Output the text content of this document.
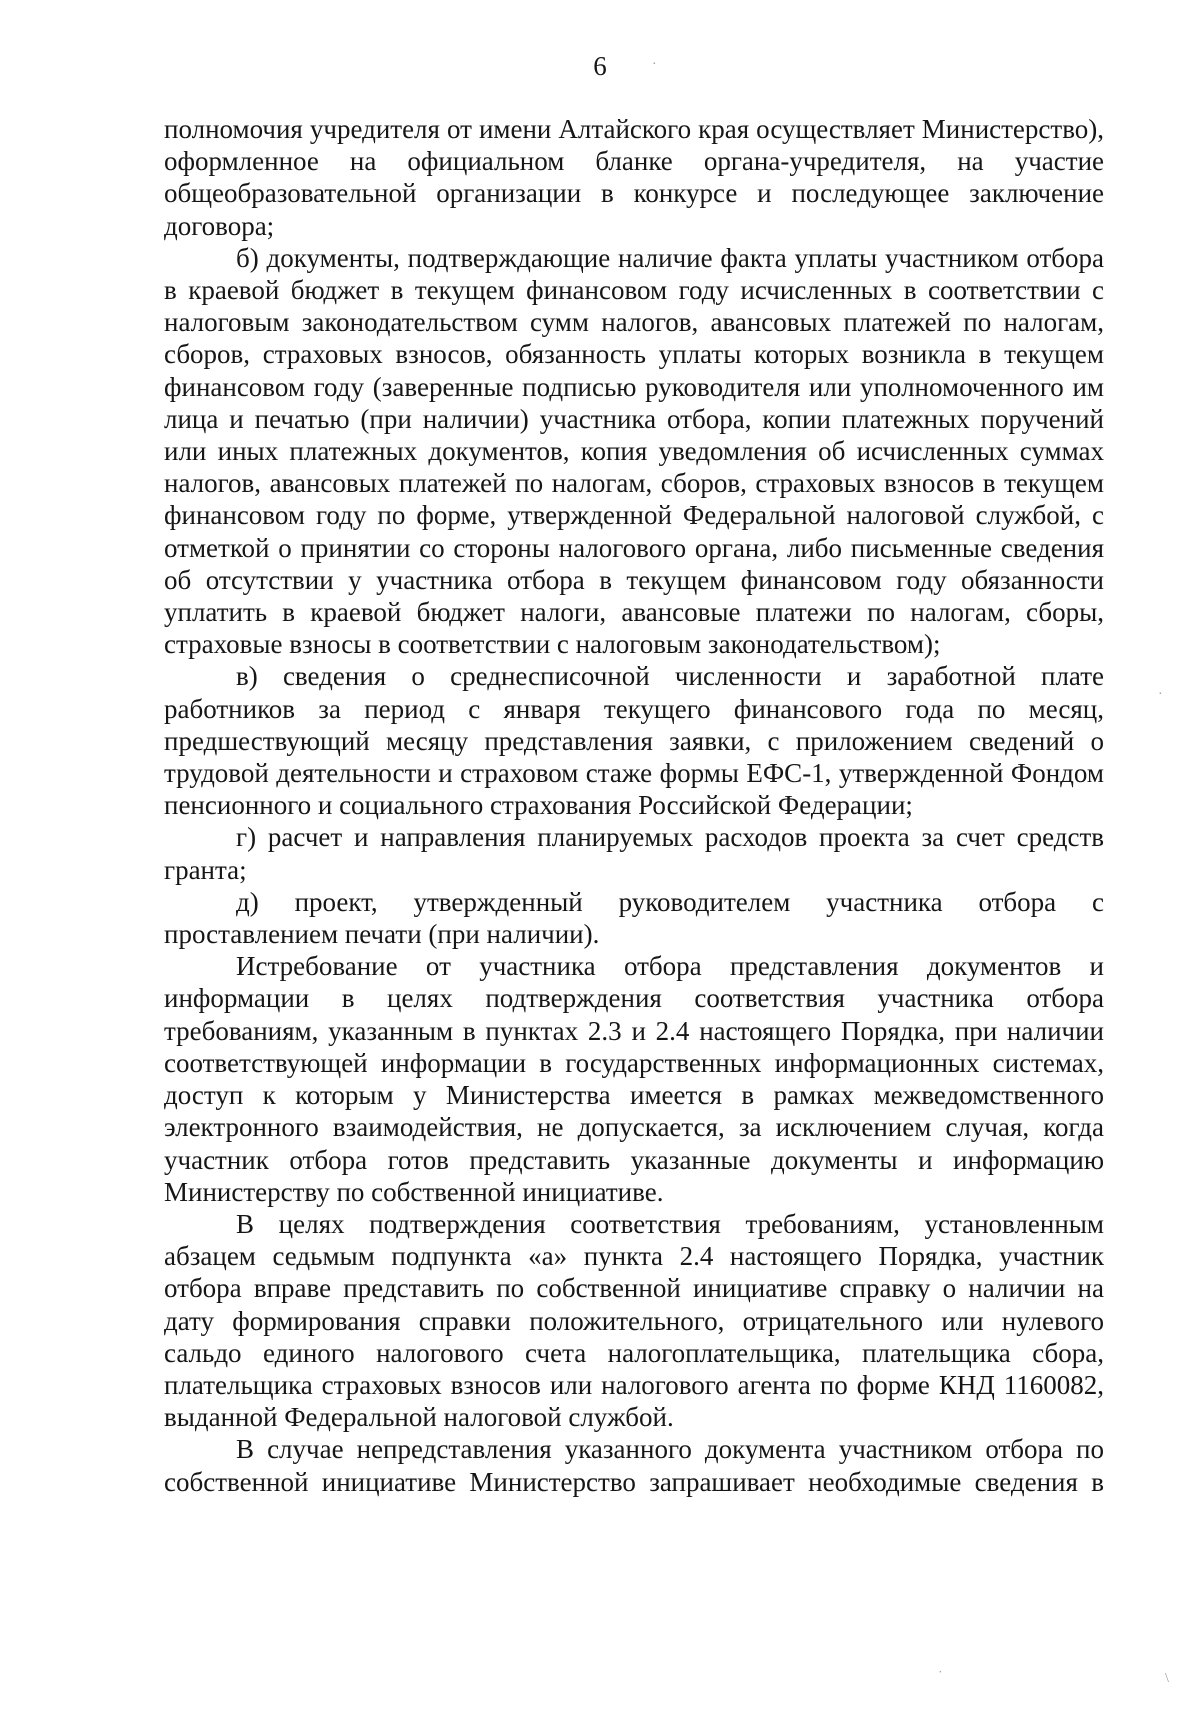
6	·
·
˙	\

полномочия учредителя от имени Алтайского края осуществляет Министерство), оформленное на официальном бланке органа-учредителя, на участие общеобразовательной организации в конкурсе и последующее заключение договора;

б) документы, подтверждающие наличие факта уплаты участником отбора в краевой бюджет в текущем финансовом году исчисленных в соответствии с налоговым законодательством сумм налогов, авансовых платежей по налогам, сборов, страховых взносов, обязанность уплаты которых возникла в текущем финансовом году (заверенные подписью руководителя или уполномоченного им лица и печатью (при наличии) участника отбора, копии платежных поручений или иных платежных документов, копия уведомления об исчисленных суммах налогов, авансовых платежей по налогам, сборов, страховых взносов в текущем финансовом году по форме, утвержденной Федеральной налоговой службой, с отметкой о принятии со стороны налогового органа, либо письменные сведения об отсутствии у участника отбора в текущем финансовом году обязанности уплатить в краевой бюджет налоги, авансовые платежи по налогам, сборы, страховые взносы в соответствии с налоговым законодательством);

в) сведения о среднесписочной численности и заработной плате работников за период с января текущего финансового года по месяц, предшествующий месяцу представления заявки, с приложением сведений о трудовой деятельности и страховом стаже формы ЕФС-1, утвержденной Фондом пенсионного и социального страхования Российской Федерации;

г) расчет и направления планируемых расходов проекта за счет средств гранта;

д) проект, утвержденный руководителем участника отбора с проставлением печати (при наличии).

Истребование от участника отбора представления документов и информации в целях подтверждения соответствия участника отбора требованиям, указанным в пунктах 2.3 и 2.4 настоящего Порядка, при наличии соответствующей информации в государственных информационных системах, доступ к которым у Министерства имеется в рамках межведомственного электронного взаимодействия, не допускается, за исключением случая, когда участник отбора готов представить указанные документы и информацию Министерству по собственной инициативе.

В целях подтверждения соответствия требованиям, установленным абзацем седьмым подпункта «а» пункта 2.4 настоящего Порядка, участник отбора вправе представить по собственной инициативе справку о наличии на дату формирования справки положительного, отрицательного или нулевого сальдо единого налогового счета налогоплательщика, плательщика сбора, плательщика страховых взносов или налогового агента по форме КНД 1160082, выданной Федеральной налоговой службой.

В случае непредставления указанного документа участником отбора по собственной инициативе Министерство запрашивает необходимые сведения в
